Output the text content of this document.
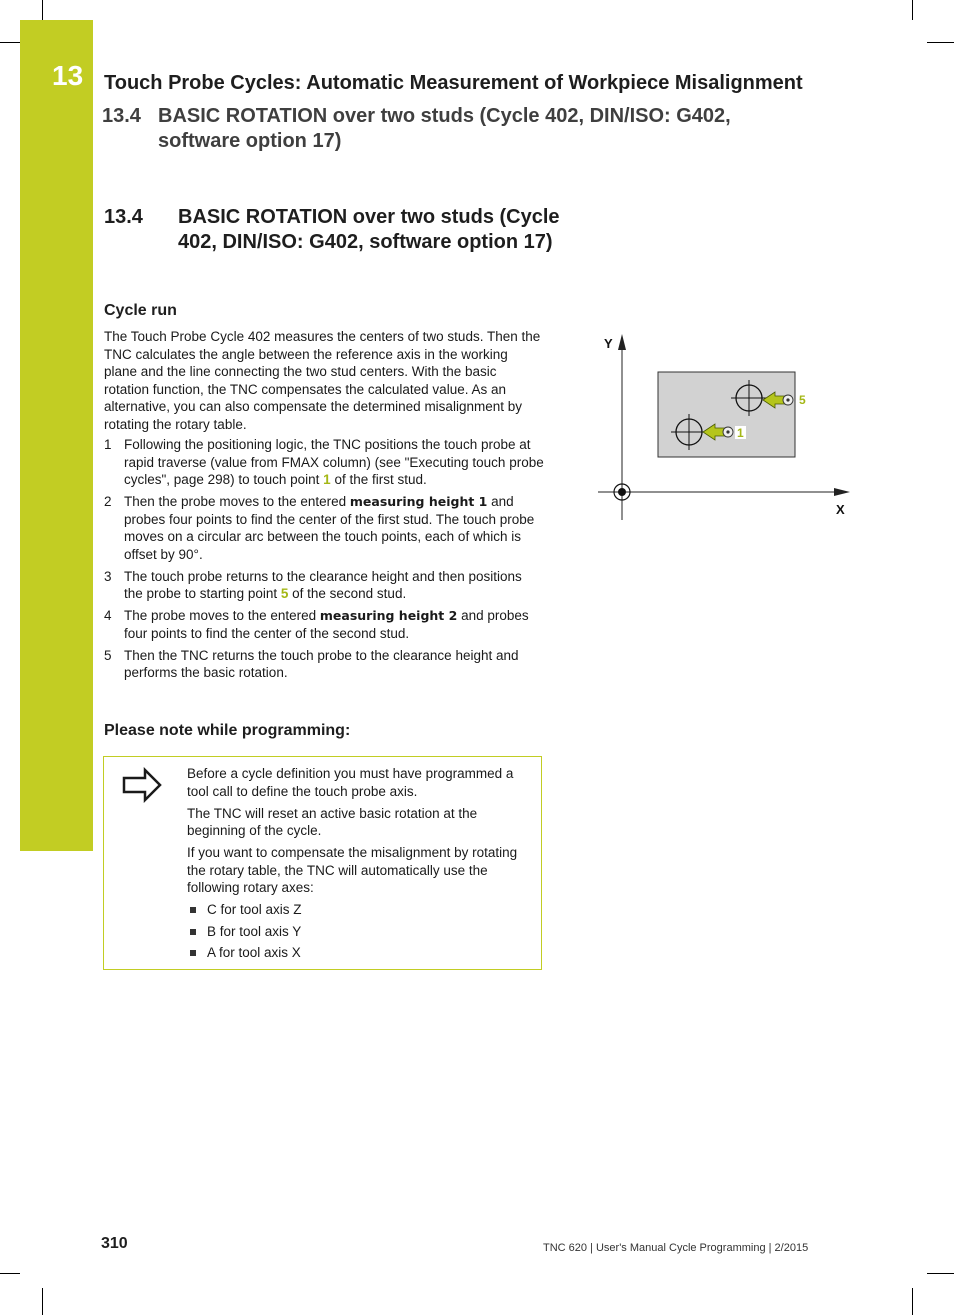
13 Touch Probe Cycles: Automatic Measurement of Workpiece Misalignment
13.4 BASIC ROTATION over two studs (Cycle 402, DIN/ISO: G402, software option 17)
13.4 BASIC ROTATION over two studs (Cycle 402, DIN/ISO: G402, software option 17)
Cycle run

The Touch Probe Cycle 402 measures the centers of two studs. Then the TNC calculates the angle between the reference axis in the working plane and the line connecting the two stud centers. With the basic rotation function, the TNC compensates the calculated value. As an alternative, you can also compensate the determined misalignment by rotating the rotary table.

1 Following the positioning logic, the TNC positions the touch probe at rapid traverse (value from FMAX column) (see "Executing touch probe cycles", page 298) to touch point 1 of the first stud.
2 Then the probe moves to the entered measuring height 1 and probes four points to find the center of the first stud. The touch probe moves on a circular arc between the touch points, each of which is offset by 90°.
3 The touch probe returns to the clearance height and then positions the probe to starting point 5 of the second stud.
4 The probe moves to the entered measuring height 2 and probes four points to find the center of the second stud.
5 Then the TNC returns the touch probe to the clearance height and performs the basic rotation.
Please note while programming:

Before a cycle definition you must have programmed a tool call to define the touch probe axis.

The TNC will reset an active basic rotation at the beginning of the cycle.

If you want to compensate the misalignment by rotating the rotary table, the TNC will automatically use the following rotary axes:

C for tool axis Z
B for tool axis Y
A for tool axis X
Y
X
5
1
310	TNC 620 | User's Manual Cycle Programming | 2/2015
